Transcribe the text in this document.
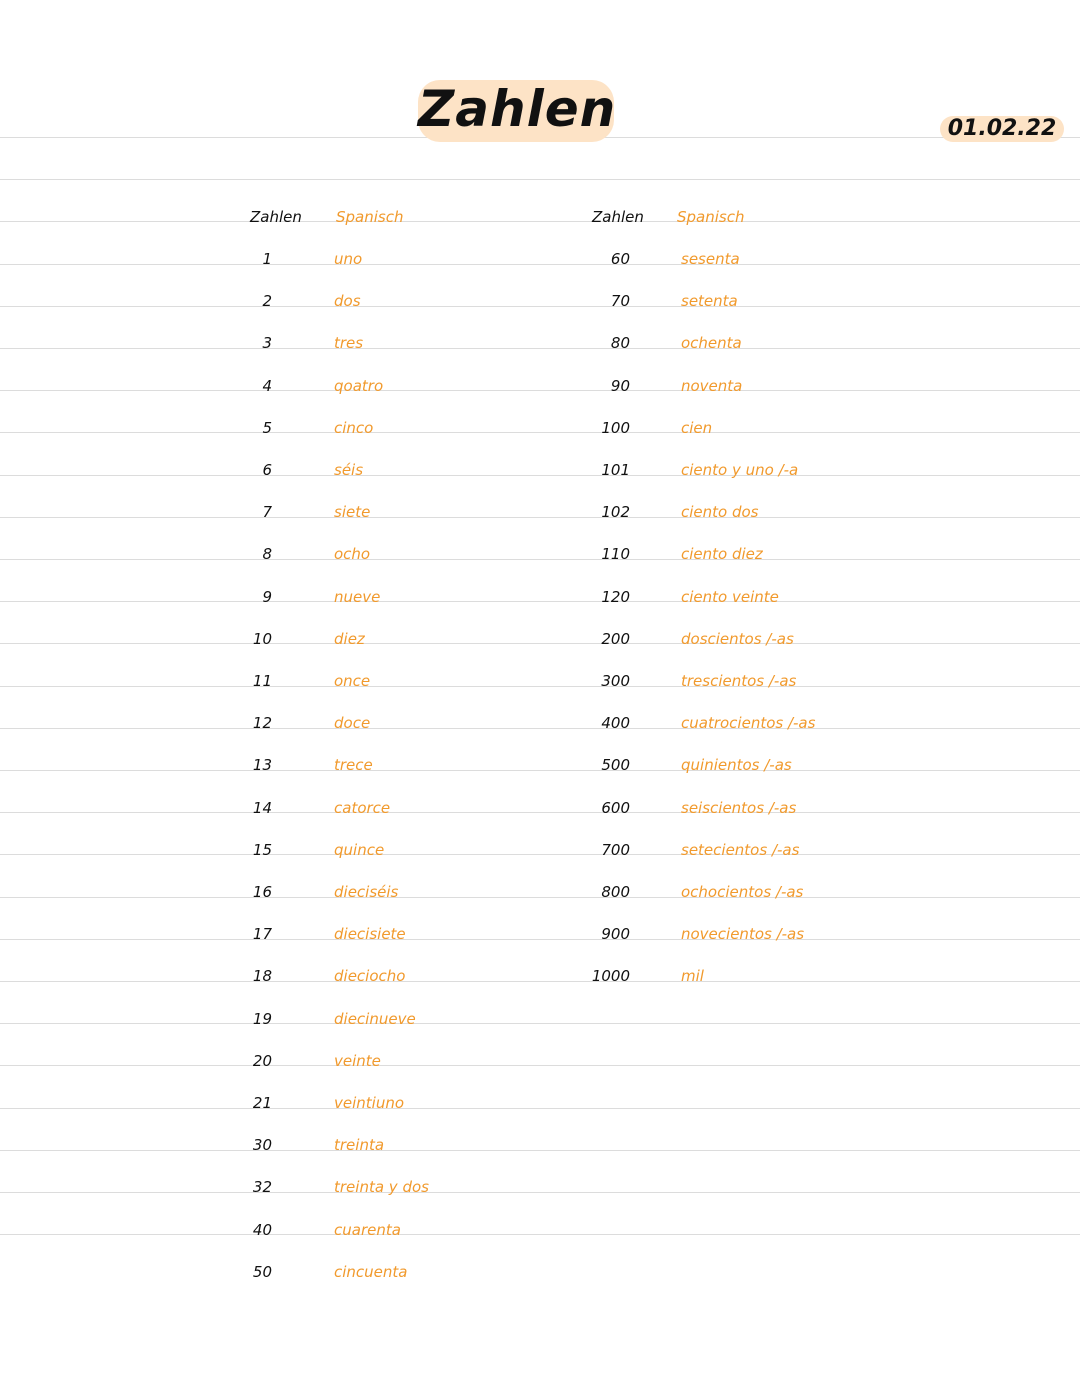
Zahlen	01.02.22
Zahlen Spanisch
1	uno
2	dos
3	tres
4	qoatro
5	cinco
6	séis
7	siete
8	ocho
9	nueve
10	diez
11	once
12	doce
13	trece
14	catorce
15	quince
16	dieciséis
17	diecisiete
18	dieciocho
19	diecinueve
20	veinte
21	veintiuno
30	treinta
32	treinta y dos
40	cuarenta
50	cincuenta
Zahlen Spanisch
60	sesenta
70	setenta
80	ochenta
90	noventa
100	cien
101	ciento y uno /-a
102	ciento dos
110	ciento diez
120	ciento veinte
200	doscientos /-as
300	trescientos /-as
400	cuatrocientos /-as
500	quinientos /-as
600	seiscientos /-as
700	setecientos /-as
800	ochocientos /-as
900	novecientos /-as
1000	mil
